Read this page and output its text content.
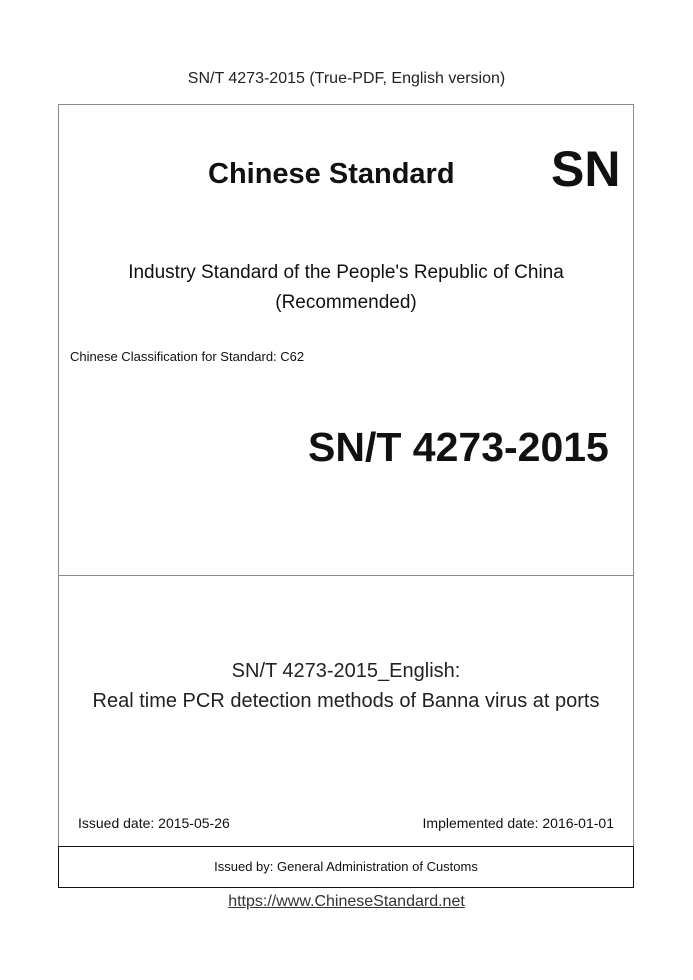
SN/T 4273-2015 (True-PDF, English version)
Chinese Standard SN
Industry Standard of the People's Republic of China
(Recommended)
Chinese Classification for Standard: C62
SN/T 4273-2015
SN/T 4273-2015_English:
Real time PCR detection methods of Banna virus at ports
Issued date: 2015-05-26	Implemented date: 2016-01-01
Issued by: General Administration of Customs
https://www.ChineseStandard.net
